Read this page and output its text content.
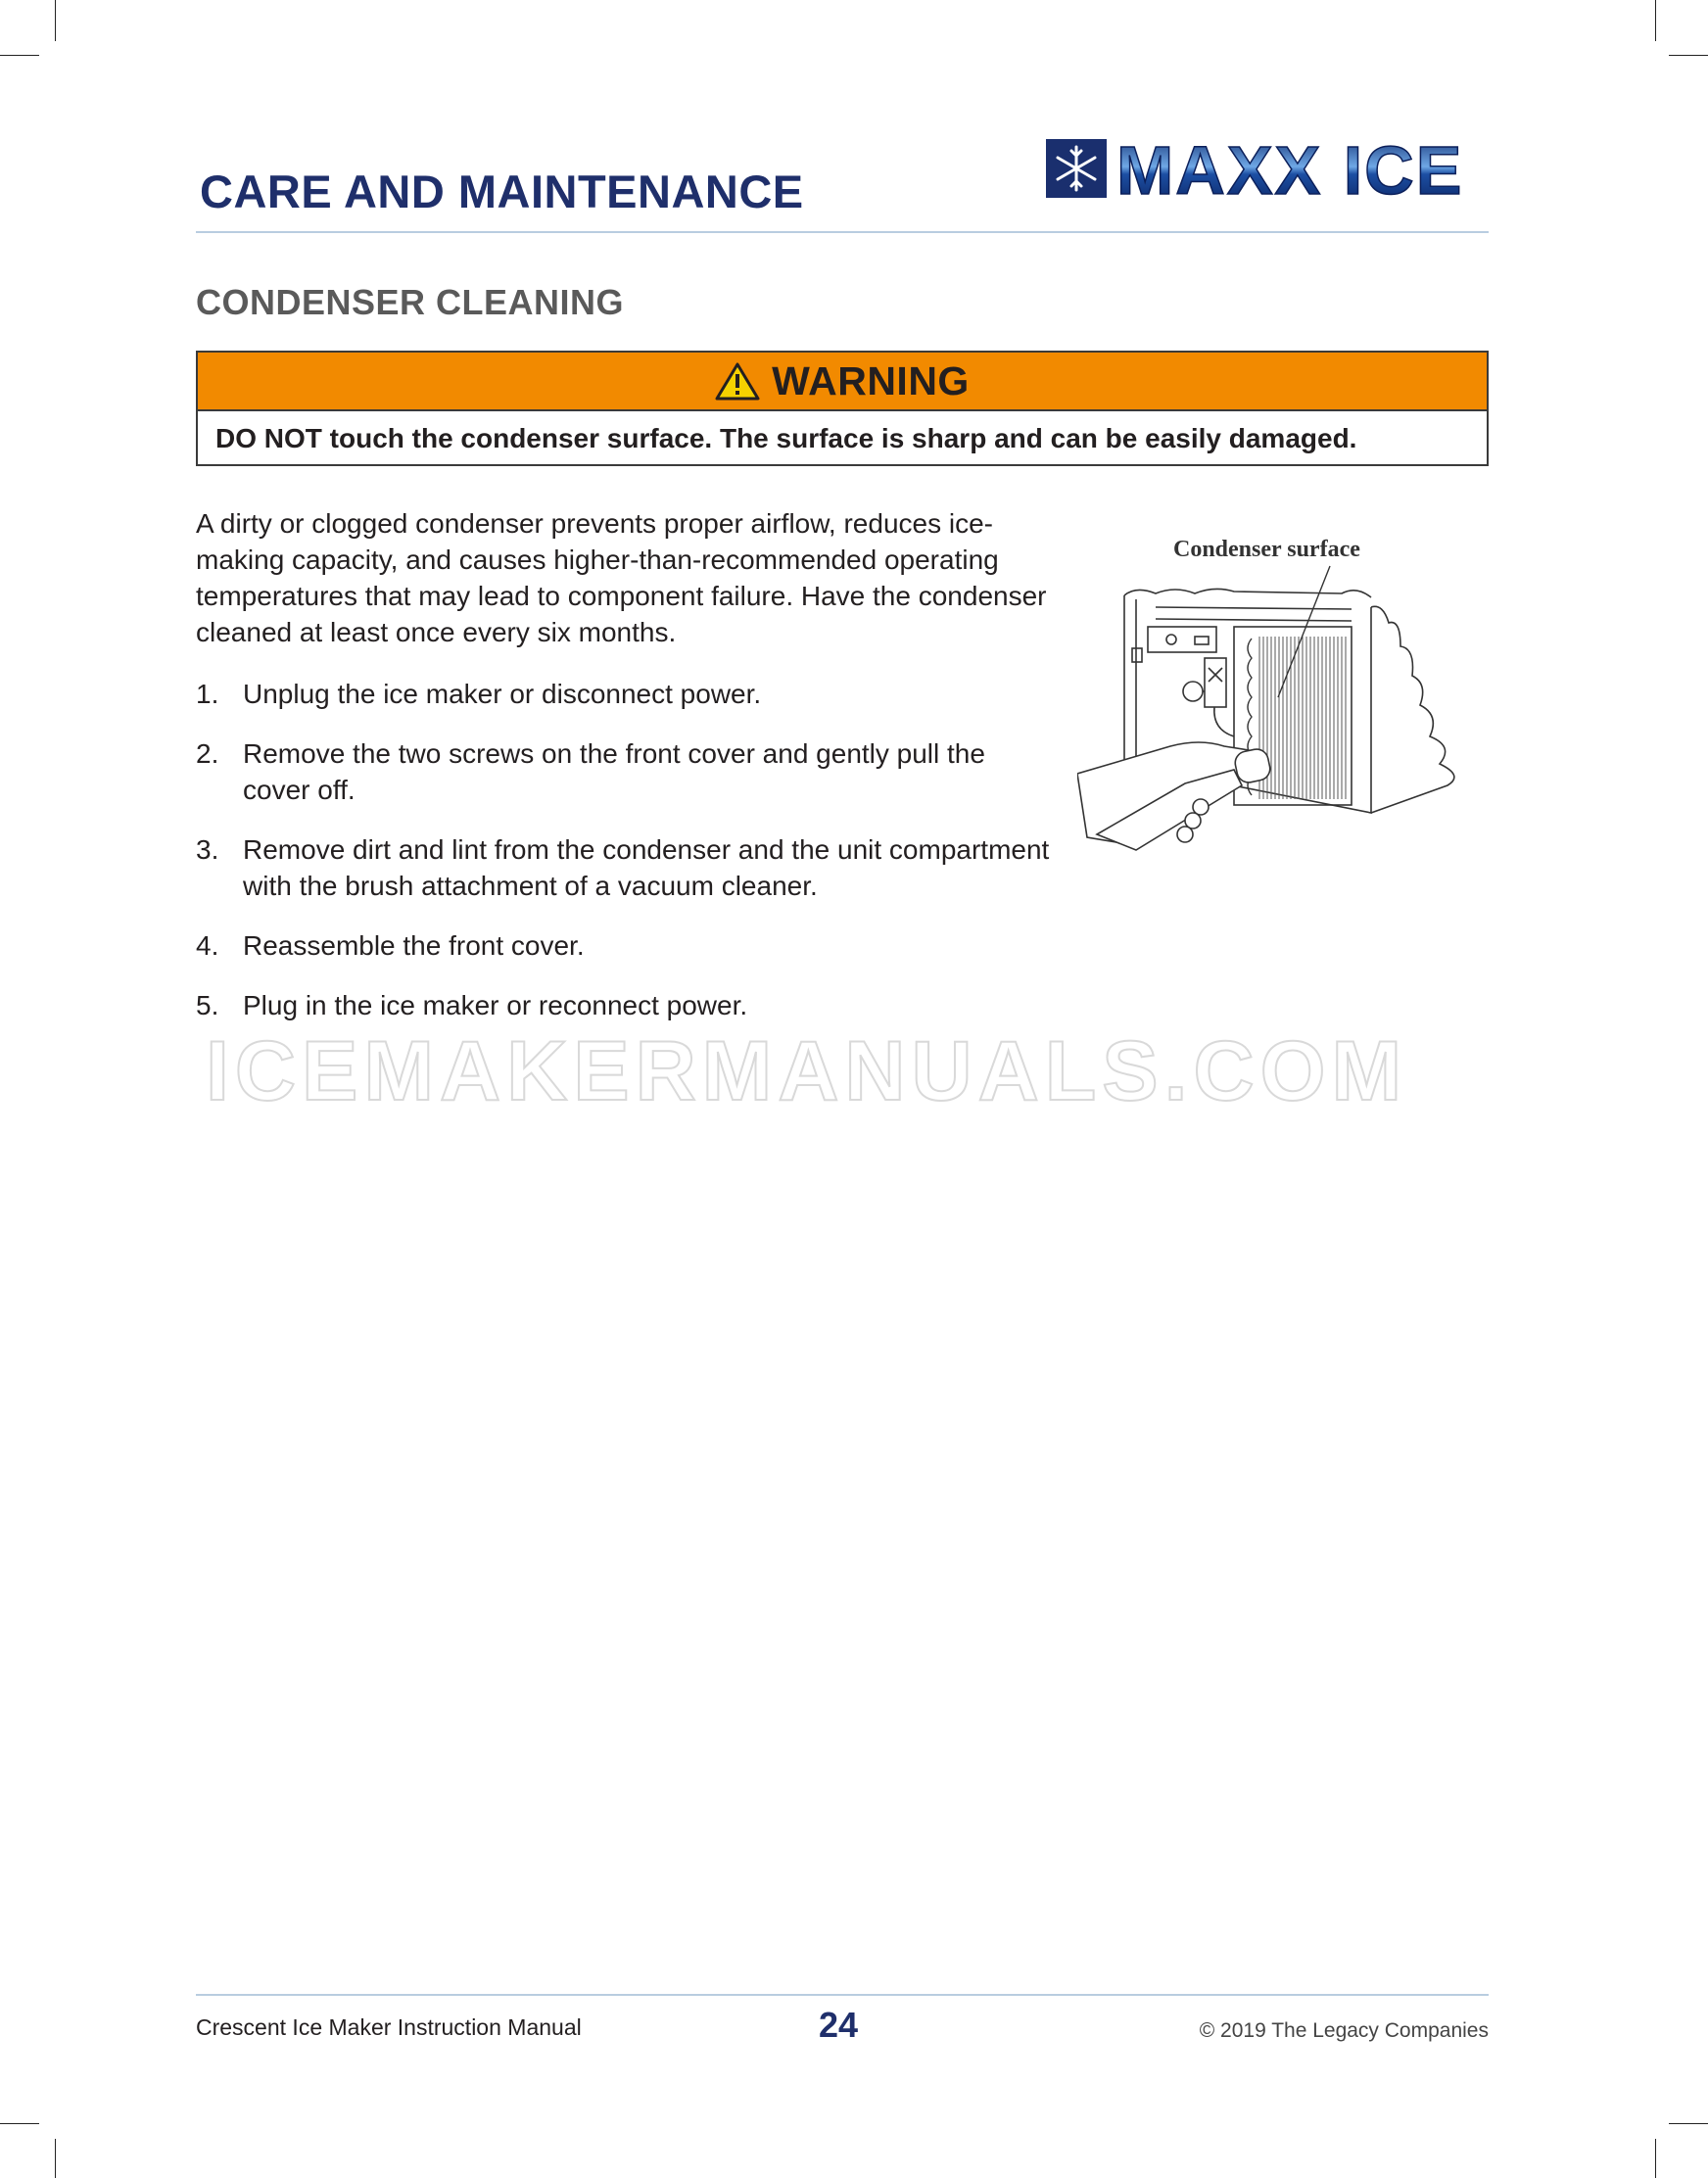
CARE AND MAINTENANCE	MAXX ICE
CONDENSER CLEANING
WARNING
DO NOT touch the condenser surface. The surface is sharp and can be easily damaged.

A dirty or clogged condenser prevents proper airflow, reduces ice-making capacity, and causes higher-than-recommended operating temperatures that may lead to component failure. Have the condenser cleaned at least once every six months.

1. Unplug the ice maker or disconnect power.
2. Remove the two screws on the front cover and gently pull the cover off.
3. Remove dirt and lint from the condenser and the unit compartment with the brush attachment of a vacuum cleaner.
4. Reassemble the front cover.
5. Plug in the ice maker or reconnect power.

Condenser surface

ICEMAKERMANUALS.COM

Crescent Ice Maker Instruction Manual	24	© 2019 The Legacy Companies
